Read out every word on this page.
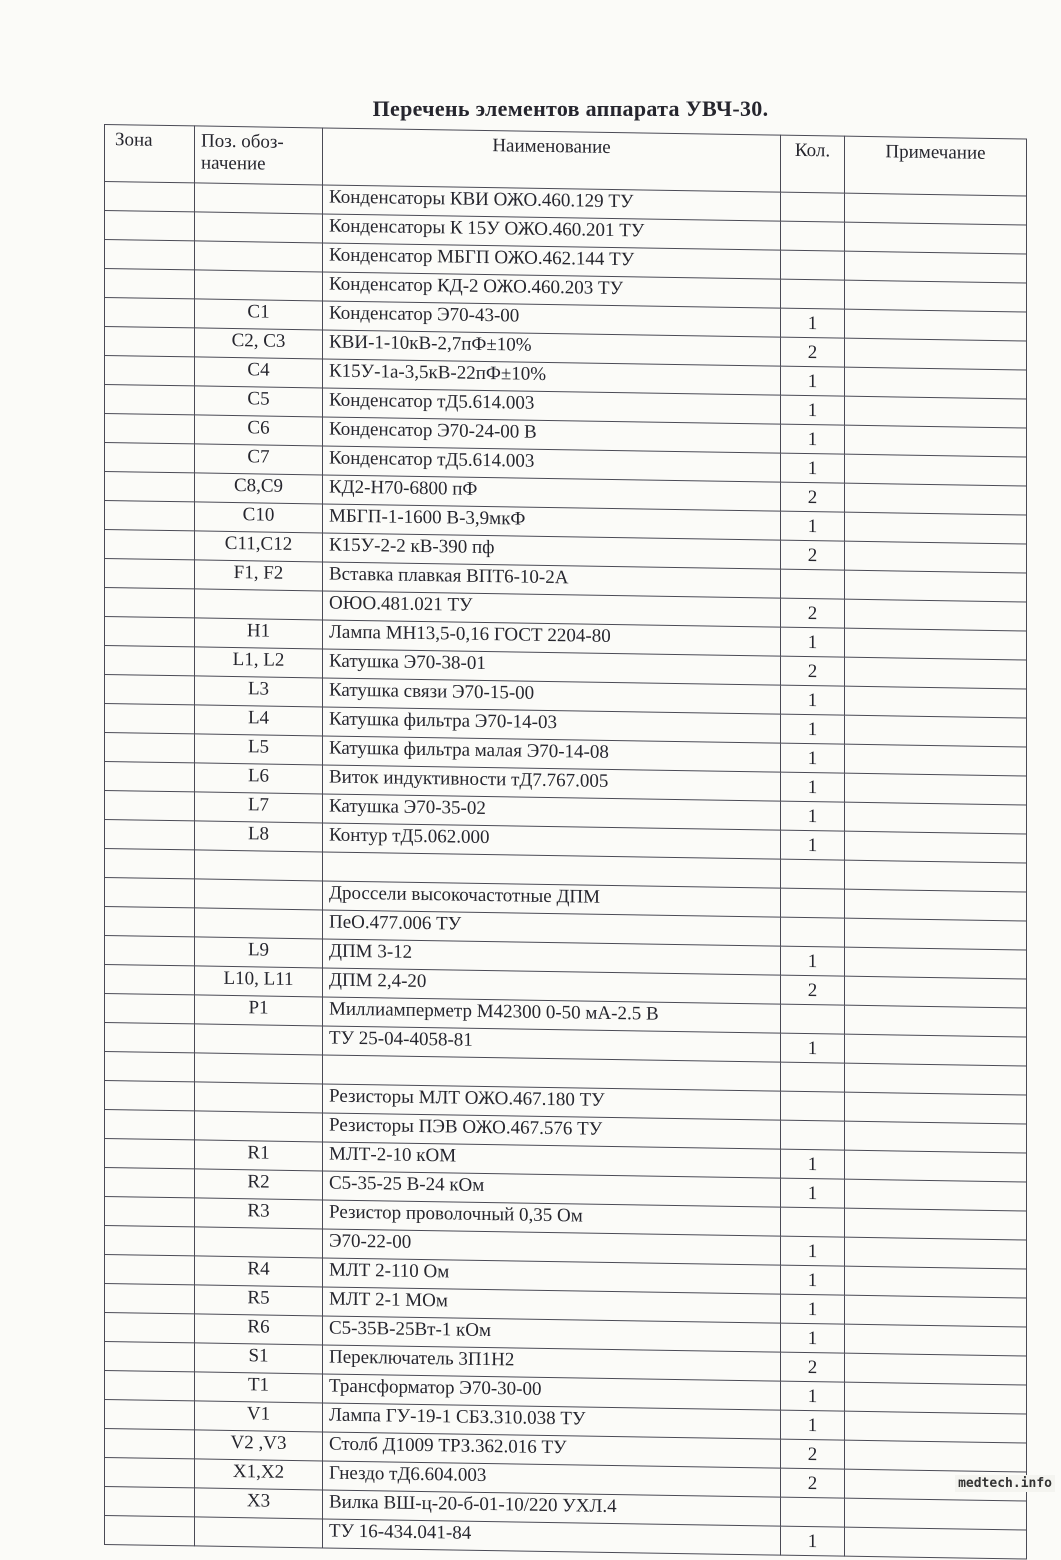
Перечень элементов аппарата УВЧ-30.
Зона	Поз. обоз-начение	Наименование	Кол.	Примечание
		Конденсаторы КВИ ОЖО.460.129 ТУ		
		Конденсаторы К 15У ОЖО.460.201 ТУ		
		Конденсатор МБГП ОЖО.462.144 ТУ		
		Конденсатор КД-2 ОЖО.460.203 ТУ		
	C1	Конденсатор Э70-43-00	1	
	C2, C3	КВИ-1-10кВ-2,7пФ±10%	2	
	C4	К15У-1а-3,5кВ-22пФ±10%	1	
	C5	Конденсатор тД5.614.003	1	
	C6	Конденсатор Э70-24-00 В	1	
	C7	Конденсатор тД5.614.003	1	
	C8,C9	КД2-Н70-6800 пФ	2	
	C10	МБГП-1-1600 В-3,9мкФ	1	
	C11,C12	К15У-2-2 кВ-390 пф	2	
	F1, F2	Вставка плавкая ВПТ6-10-2А		
		ОЮО.481.021 ТУ	2	
	H1	Лампа МН13,5-0,16 ГОСТ 2204-80	1	
	L1, L2	Катушка Э70-38-01	2	
	L3	Катушка связи Э70-15-00	1	
	L4	Катушка фильтра Э70-14-03	1	
	L5	Катушка фильтра малая Э70-14-08	1	
	L6	Виток индуктивности тД7.767.005	1	
	L7	Катушка Э70-35-02	1	
	L8	Контур тД5.062.000	1	

		Дроссели высокочастотные ДПМ		
		ПеО.477.006 ТУ		
	L9	ДПМ 3-12	1	
	L10, L11	ДПМ 2,4-20	2	
	P1	Миллиамперметр М42300 0-50 мА-2.5 В		
		ТУ 25-04-4058-81	1	

		Резисторы МЛТ ОЖО.467.180 ТУ		
		Резисторы ПЭВ ОЖО.467.576 ТУ		
	R1	МЛТ-2-10 кОМ	1	
	R2	С5-35-25 В-24 кОм	1	
	R3	Резистор проволочный 0,35 Ом		
		Э70-22-00	1	
	R4	МЛТ 2-110 Ом	1	
	R5	МЛТ 2-1 МОм	1	
	R6	С5-35В-25Вт-1 кОм	1	
	S1	Переключатель 3П1Н2	2	
	T1	Трансформатор Э70-30-00	1	
	V1	Лампа ГУ-19-1 СБЗ.310.038 ТУ	1	
	V2 ,V3	Столб Д1009 ТРЗ.362.016 ТУ	2	
	X1,X2	Гнездо тД6.604.003	2	
	X3	Вилка ВШ-ц-20-б-01-10/220 УХЛ.4		
		ТУ 16-434.041-84	1	
medtech.info
